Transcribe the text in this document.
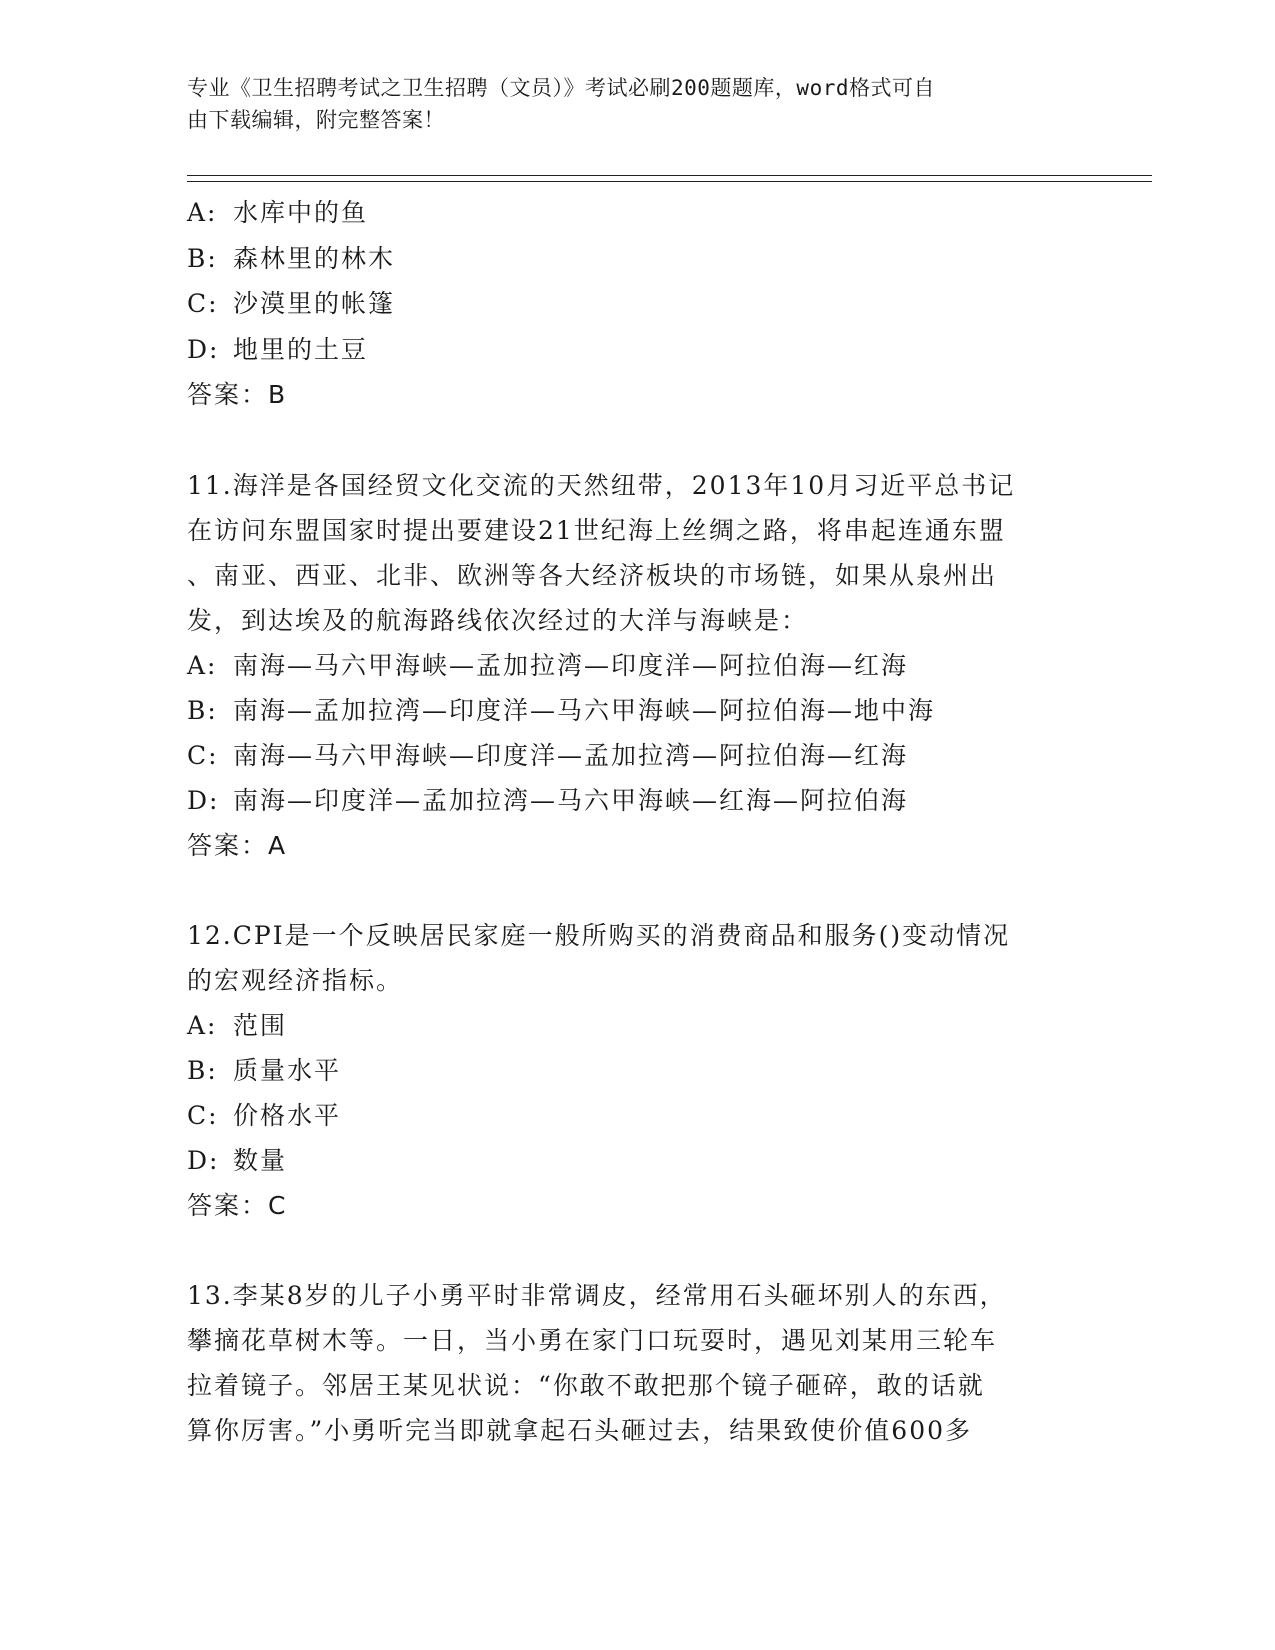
专业《卫生招聘考试之卫生招聘（文员）》考试必刷200题题库，word格式可自
由下载编辑，附完整答案！
A: 水库中的鱼
B: 森林里的林木
C: 沙漠里的帐篷
D: 地里的土豆
答案：B
11.海洋是各国经贸文化交流的天然纽带，2013年10月习近平总书记
在访问东盟国家时提出要建设21世纪海上丝绸之路，将串起连通东盟
、南亚、西亚、北非、欧洲等各大经济板块的市场链，如果从泉州出
发，到达埃及的航海路线依次经过的大洋与海峡是：
A: 南海—马六甲海峡—孟加拉湾—印度洋—阿拉伯海—红海
B: 南海—孟加拉湾—印度洋—马六甲海峡—阿拉伯海—地中海
C: 南海—马六甲海峡—印度洋—孟加拉湾—阿拉伯海—红海
D: 南海—印度洋—孟加拉湾—马六甲海峡—红海—阿拉伯海
答案：A
12.CPI是一个反映居民家庭一般所购买的消费商品和服务()变动情况
的宏观经济指标。
A: 范围
B: 质量水平
C: 价格水平
D: 数量
答案：C
13.李某8岁的儿子小勇平时非常调皮，经常用石头砸坏别人的东西，
攀摘花草树木等。一日，当小勇在家门口玩耍时，遇见刘某用三轮车
拉着镜子。邻居王某见状说：“你敢不敢把那个镜子砸碎，敢的话就
算你厉害。”小勇听完当即就拿起石头砸过去，结果致使价值600多
